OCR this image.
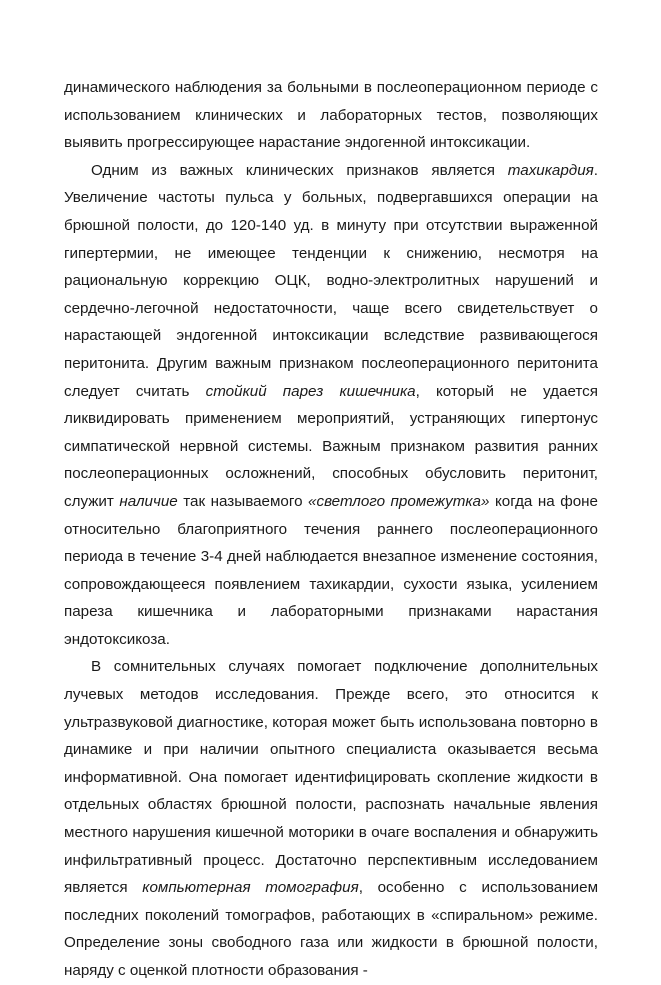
динамического наблюдения за больными в послеоперационном периоде с использованием клинических и лабораторных тестов, позволяющих выявить прогрессирующее нарастание эндогенной интоксикации.

Одним из важных клинических признаков является тахикардия. Увеличение частоты пульса у больных, подвергавшихся операции на брюшной полости, до 120-140 уд. в минуту при отсутствии выраженной гипертермии, не имеющее тенденции к снижению, несмотря на рациональную коррекцию ОЦК, водно-электролитных нарушений и сердечно-легочной недостаточности, чаще всего свидетельствует о нарастающей эндогенной интоксикации вследствие развивающегося перитонита. Другим важным признаком послеоперационного перитонита следует считать стойкий парез кишечника, который не удается ликвидировать применением мероприятий, устраняющих гипертонус симпатической нервной системы. Важным признаком развития ранних послеоперационных осложнений, способных обусловить перитонит, служит наличие так называемого «светлого промежутка» когда на фоне относительно благоприятного течения раннего послеоперационного периода в течение 3-4 дней наблюдается внезапное изменение состояния, сопровождающееся появлением тахикардии, сухости языка, усилением пареза кишечника и лабораторными признаками нарастания эндотоксикоза.

В сомнительных случаях помогает подключение дополнительных лучевых методов исследования. Прежде всего, это относится к ультразвуковой диагностике, которая может быть использована повторно в динамике и при наличии опытного специалиста оказывается весьма информативной. Она помогает идентифицировать скопление жидкости в отдельных областях брюшной полости, распознать начальные явления местного нарушения кишечной моторики в очаге воспаления и обнаружить инфильтративный процесс. Достаточно перспективным исследованием является компьютерная томография, особенно с использованием последних поколений томографов, работающих в «спиральном» режиме. Определение зоны свободного газа или жидкости в брюшной полости, наряду с оценкой плотности образования -
